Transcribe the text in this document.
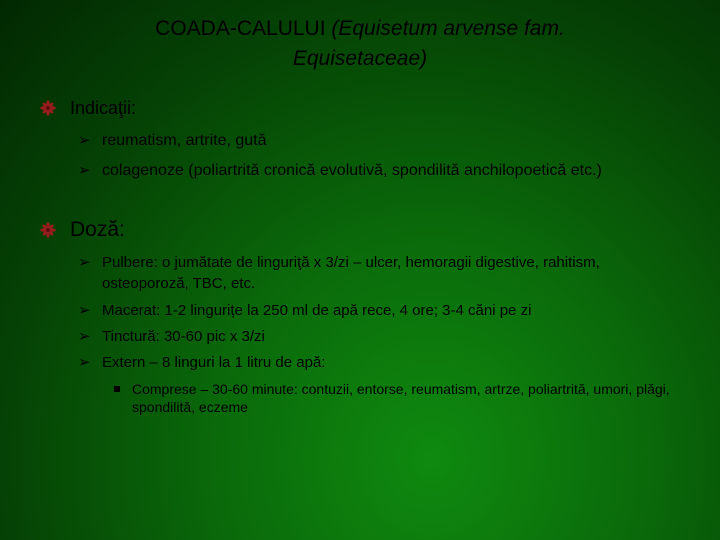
COADA-CALULUI (Equisetum arvense fam.
Equisetaceae)
Indicaţii:
➢ reumatism, artrite, gută
➢ colagenoze (poliartrită cronică evolutivă, spondilită anchilopoetică etc.)
Doză:
➢ Pulbere: o jumătate de linguriţă x 3/zi – ulcer, hemoragii digestive, rahitism, osteoporoză, TBC, etc.
➢ Macerat: 1-2 lingurițe la 250 ml de apă rece, 4 ore; 3-4 căni pe zi
➢ Tinctură: 30-60 pic x 3/zi
➢ Extern – 8 linguri la 1 litru de apă:
Comprese – 30-60 minute: contuzii, entorse, reumatism, artrze, poliartrită, umori, plăgi, spondilită, eczeme
